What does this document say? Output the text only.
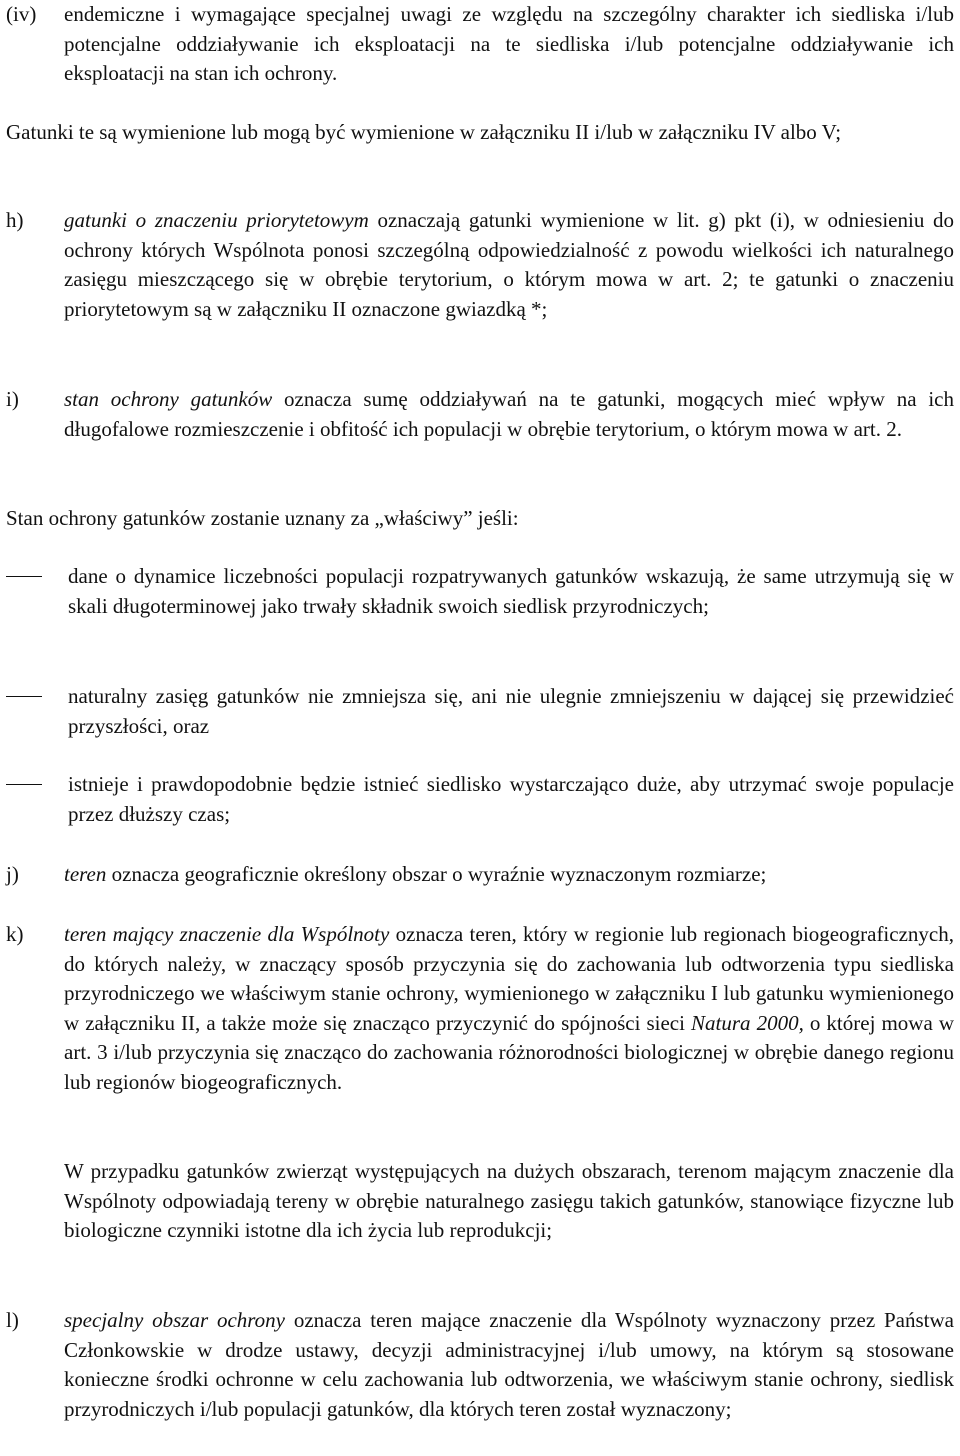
(iv)	endemiczne i wymagające specjalnej uwagi ze względu na szczególny charakter ich siedliska i/lub potencjalne oddziaływanie ich eksploatacji na te siedliska i/lub potencjalne oddziaływanie ich eksploatacji na stan ich ochrony.
Gatunki te są wymienione lub mogą być wymienione w załączniku II i/lub w załączniku IV albo V;
h)	gatunki o znaczeniu priorytetowym oznaczają gatunki wymienione w lit. g) pkt (i), w odniesieniu do ochrony których Wspólnota ponosi szczególną odpowiedzialność z powodu wielkości ich naturalnego zasięgu mieszczącego się w obrębie terytorium, o którym mowa w art. 2; te gatunki o znaczeniu priorytetowym są w załączniku II oznaczone gwiazdką *;
i)	stan ochrony gatunków oznacza sumę oddziaływań na te gatunki, mogących mieć wpływ na ich długofalowe rozmieszczenie i obfitość ich populacji w obrębie terytorium, o którym mowa w art. 2.
Stan ochrony gatunków zostanie uznany za „właściwy” jeśli:
dane o dynamice liczebności populacji rozpatrywanych gatunków wskazują, że same utrzymują się w skali długoterminowej jako trwały składnik swoich siedlisk przyrodniczych;
naturalny zasięg gatunków nie zmniejsza się, ani nie ulegnie zmniejszeniu w dającej się przewidzieć przyszłości, oraz
istnieje i prawdopodobnie będzie istnieć siedlisko wystarczająco duże, aby utrzymać swoje populacje przez dłuższy czas;
j)	teren oznacza geograficznie określony obszar o wyraźnie wyznaczonym rozmiarze;
k)	teren mający znaczenie dla Wspólnoty oznacza teren, który w regionie lub regionach biogeograficznych, do których należy, w znaczący sposób przyczynia się do zachowania lub odtworzenia typu siedliska przyrodniczego we właściwym stanie ochrony, wymienionego w załączniku I lub gatunku wymienionego w załączniku II, a także może się znacząco przyczynić do spójności sieci Natura 2000, o której mowa w art. 3 i/lub przyczynia się znacząco do zachowania różnorodności biologicznej w obrębie danego regionu lub regionów biogeograficznych.
W przypadku gatunków zwierząt występujących na dużych obszarach, terenom mającym znaczenie dla Wspólnoty odpowiadają tereny w obrębie naturalnego zasięgu takich gatunków, stanowiące fizyczne lub biologiczne czynniki istotne dla ich życia lub reprodukcji;
l)	specjalny obszar ochrony oznacza teren mające znaczenie dla Wspólnoty wyznaczony przez Państwa Członkowskie w drodze ustawy, decyzji administracyjnej i/lub umowy, na którym są stosowane konieczne środki ochronne w celu zachowania lub odtworzenia, we właściwym stanie ochrony, siedlisk przyrodniczych i/lub populacji gatunków, dla których teren został wyznaczony;
